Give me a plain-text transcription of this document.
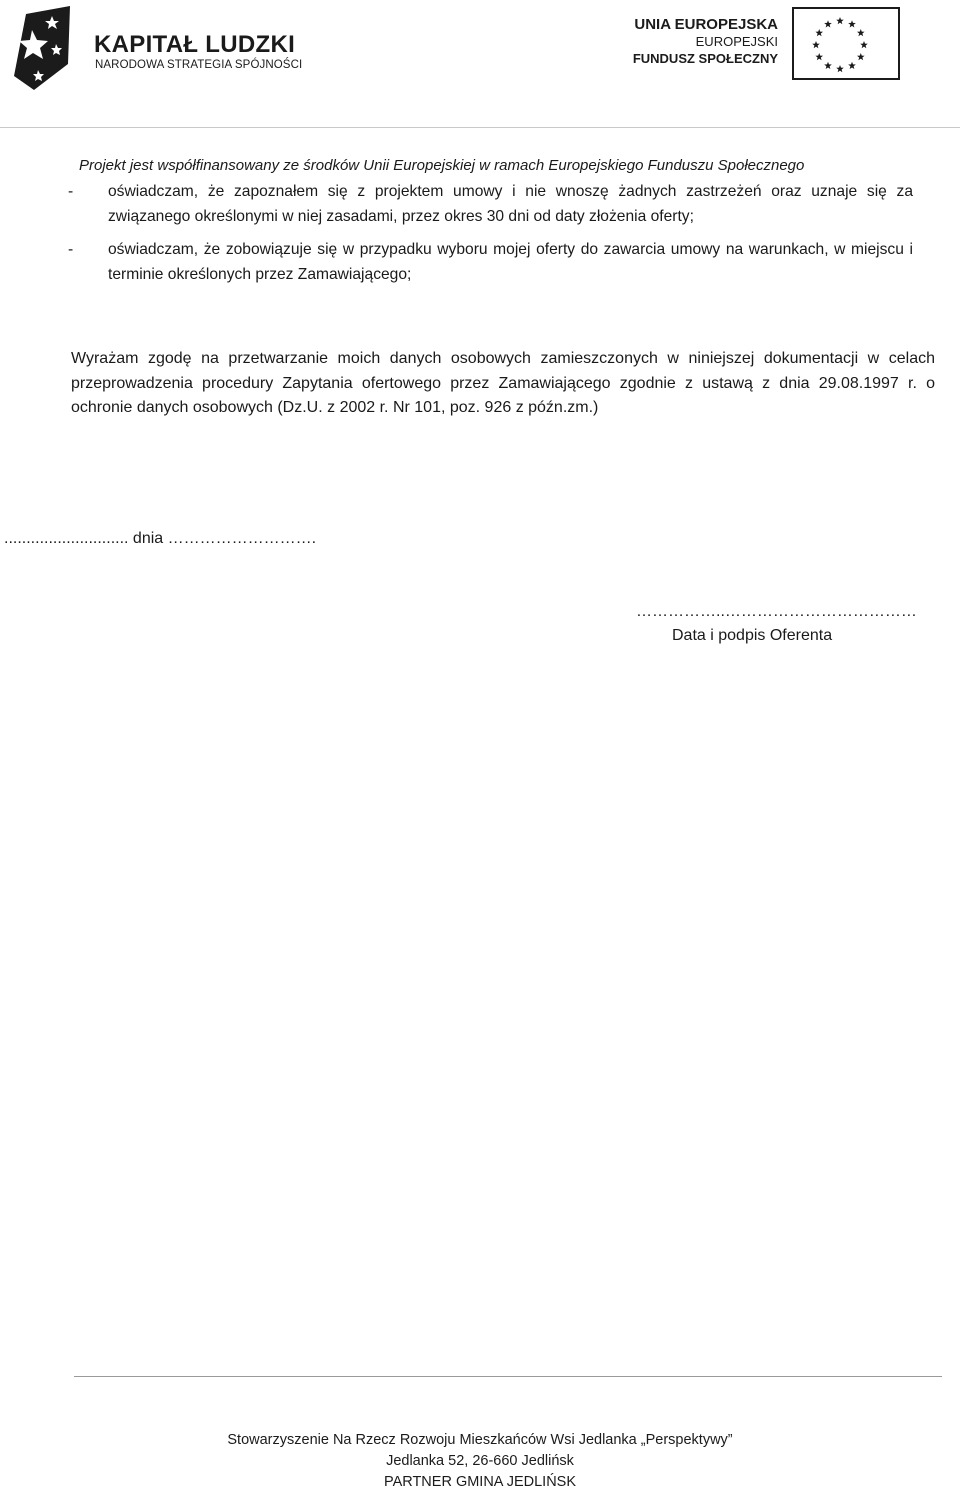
KAPITAŁ LUDZKI
NARODOWA STRATEGIA SPÓJNOŚCI
UNIA EUROPEJSKA
EUROPEJSKI
FUNDUSZ SPOŁECZNY
Projekt jest współfinansowany ze środków Unii Europejskiej w ramach Europejskiego Funduszu Społecznego
- oświadczam, że zapoznałem się z projektem umowy i nie wnoszę żadnych zastrzeżeń oraz uznaje się za związanego określonymi w niej zasadami, przez okres 30 dni od daty złożenia oferty;
- oświadczam, że zobowiązuje się w przypadku wyboru mojej oferty do zawarcia umowy na warunkach, w miejscu i terminie określonych przez Zamawiającego;
Wyrażam zgodę na przetwarzanie moich danych osobowych zamieszczonych w niniejszej dokumentacji w celach przeprowadzenia procedury Zapytania ofertowego przez Zamawiającego zgodnie z ustawą z dnia 29.08.1997 r. o ochronie danych osobowych (Dz.U. z 2002 r. Nr 101, poz. 926 z późn.zm.)
............................ dnia ……………………….
……………..………………………………
Data i podpis Oferenta
Stowarzyszenie Na Rzecz Rozwoju Mieszkańców Wsi Jedlanka „Perspektywy”
Jedlanka 52, 26-660 Jedlińsk
PARTNER GMINA JEDLIŃSK
